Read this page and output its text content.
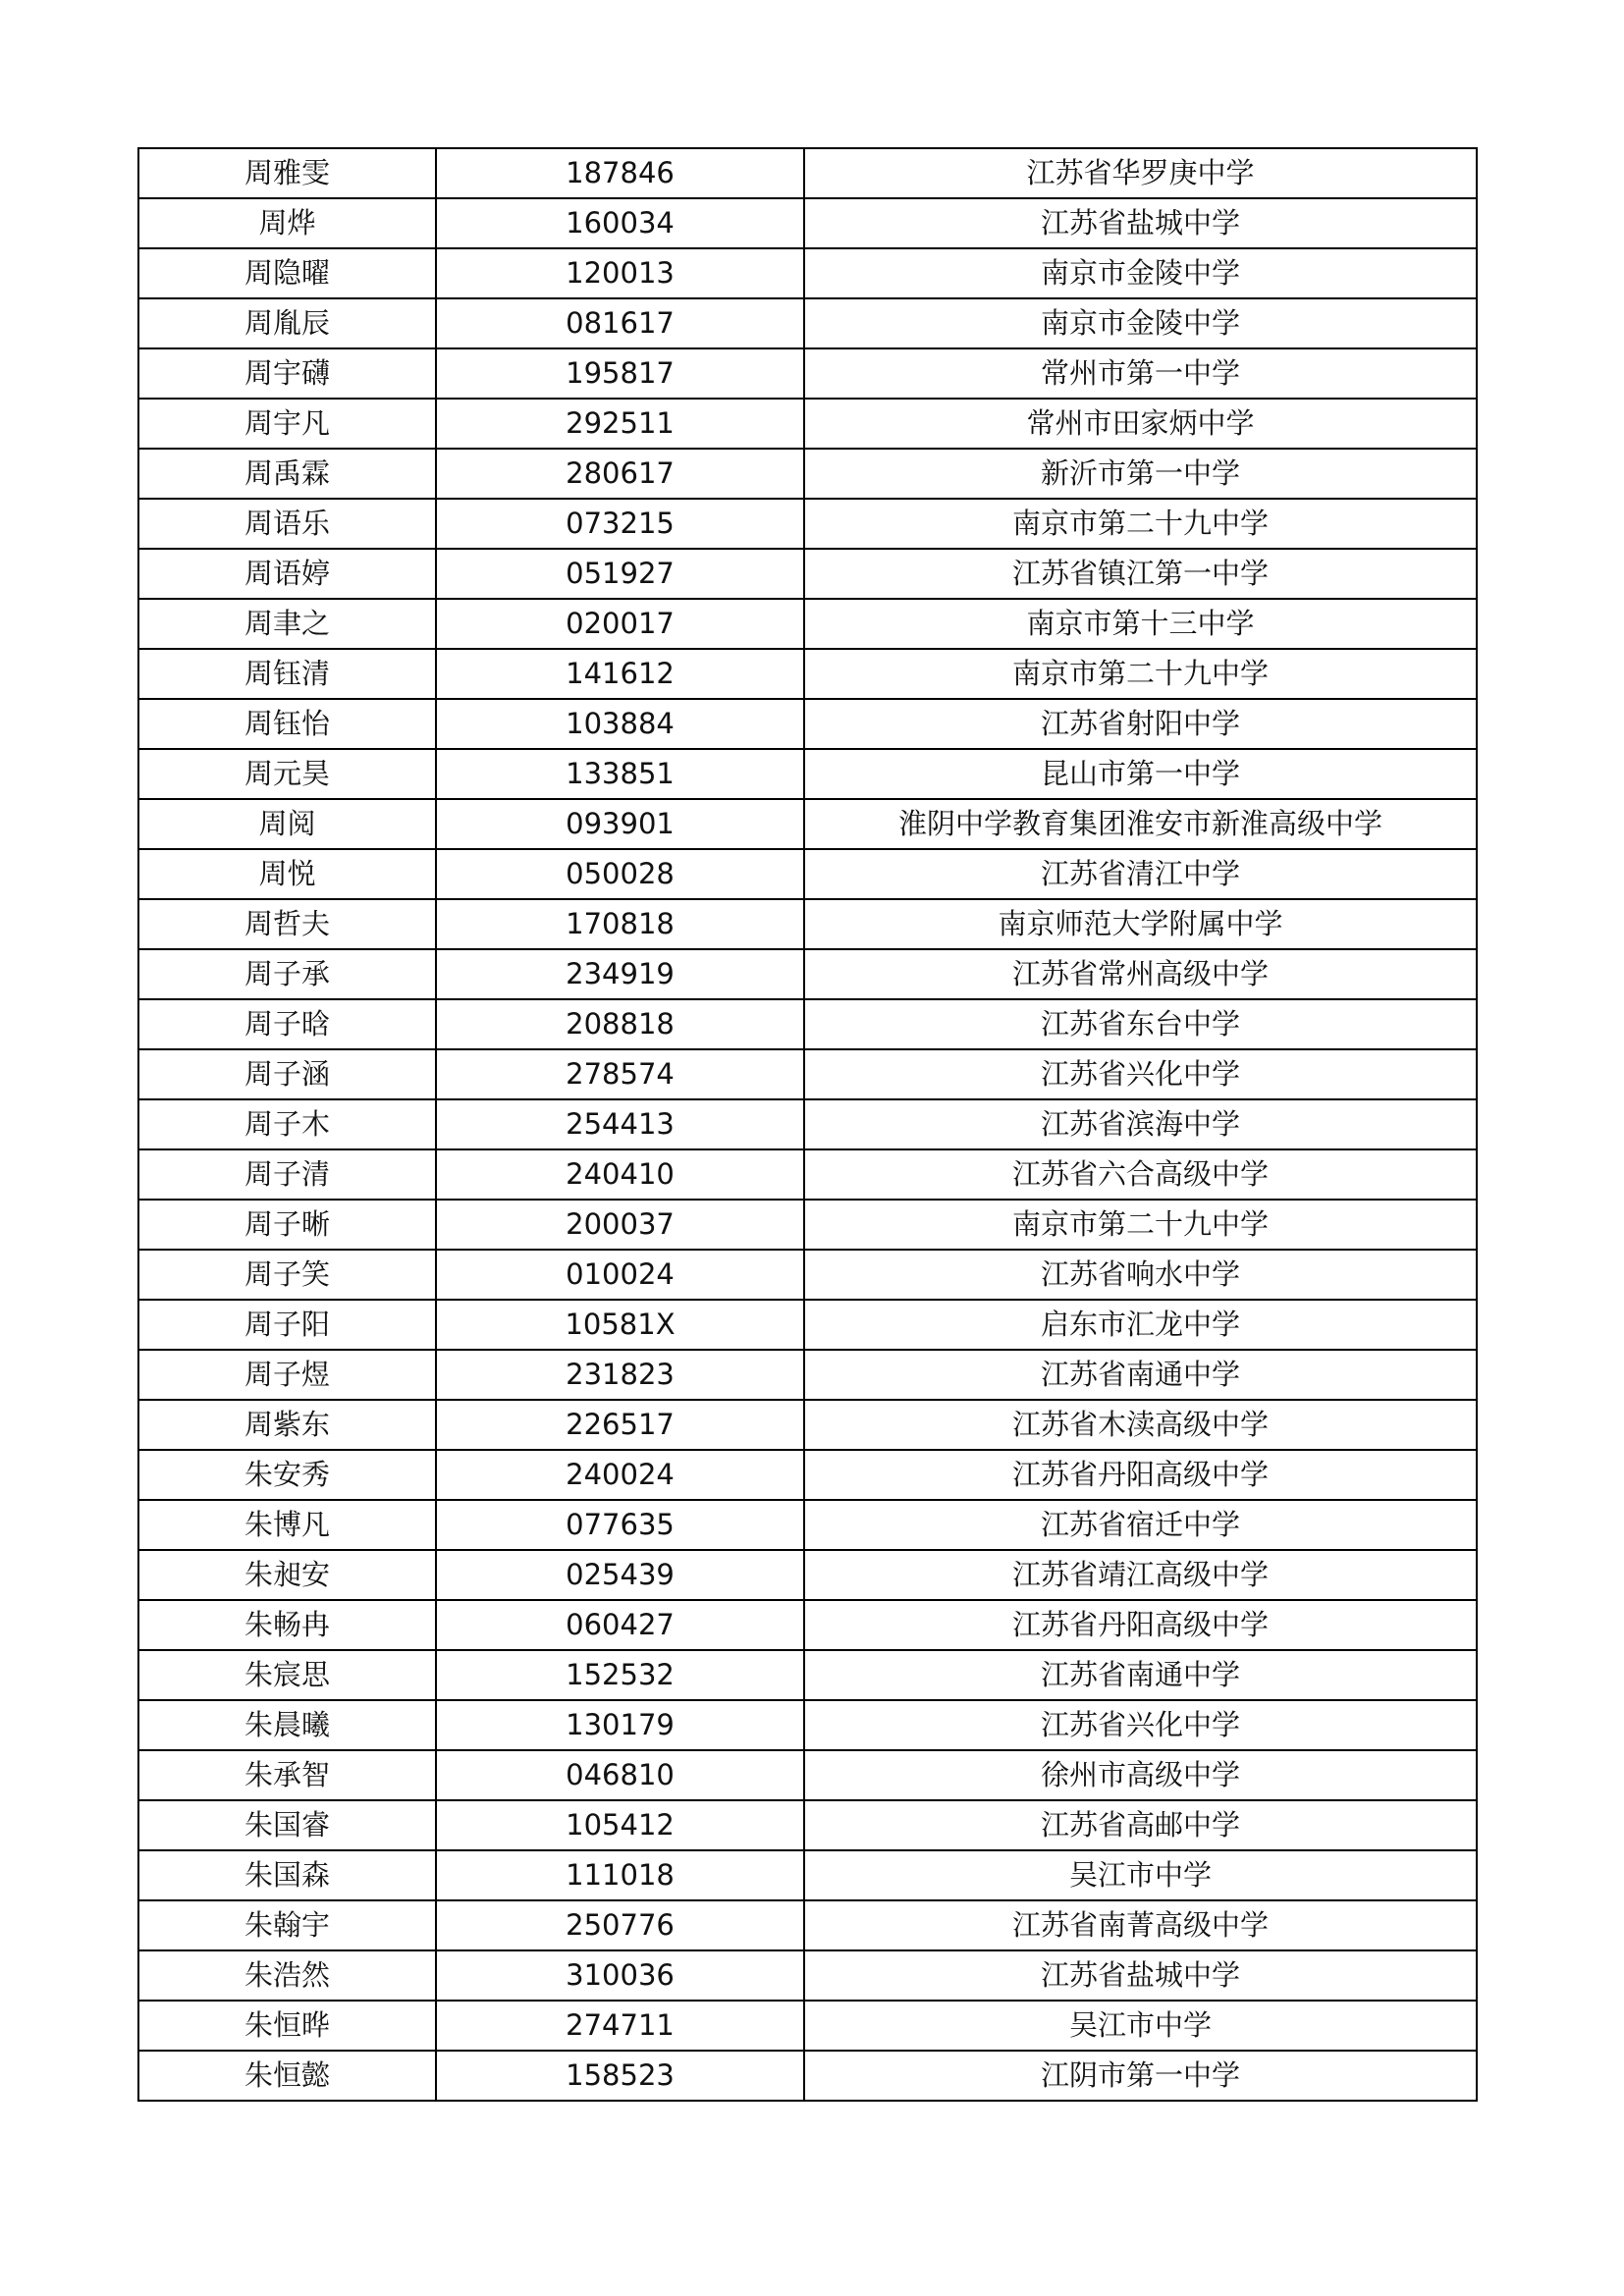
周雅雯	187846	江苏省华罗庚中学
周烨	160034	江苏省盐城中学
周隐曜	120013	南京市金陵中学
周胤辰	081617	南京市金陵中学
周宇礴	195817	常州市第一中学
周宇凡	292511	常州市田家炳中学
周禹霖	280617	新沂市第一中学
周语乐	073215	南京市第二十九中学
周语婷	051927	江苏省镇江第一中学
周聿之	020017	南京市第十三中学
周钰清	141612	南京市第二十九中学
周钰怡	103884	江苏省射阳中学
周元昊	133851	昆山市第一中学
周阅	093901	淮阴中学教育集团淮安市新淮高级中学
周悦	050028	江苏省清江中学
周哲夫	170818	南京师范大学附属中学
周子承	234919	江苏省常州高级中学
周子晗	208818	江苏省东台中学
周子涵	278574	江苏省兴化中学
周子木	254413	江苏省滨海中学
周子清	240410	江苏省六合高级中学
周子晰	200037	南京市第二十九中学
周子笑	010024	江苏省响水中学
周子阳	10581X	启东市汇龙中学
周子煜	231823	江苏省南通中学
周紫东	226517	江苏省木渎高级中学
朱安秀	240024	江苏省丹阳高级中学
朱博凡	077635	江苏省宿迁中学
朱昶安	025439	江苏省靖江高级中学
朱畅冉	060427	江苏省丹阳高级中学
朱宸思	152532	江苏省南通中学
朱晨曦	130179	江苏省兴化中学
朱承智	046810	徐州市高级中学
朱国睿	105412	江苏省高邮中学
朱国森	111018	吴江市中学
朱翰宇	250776	江苏省南菁高级中学
朱浩然	310036	江苏省盐城中学
朱恒晔	274711	吴江市中学
朱恒懿	158523	江阴市第一中学
